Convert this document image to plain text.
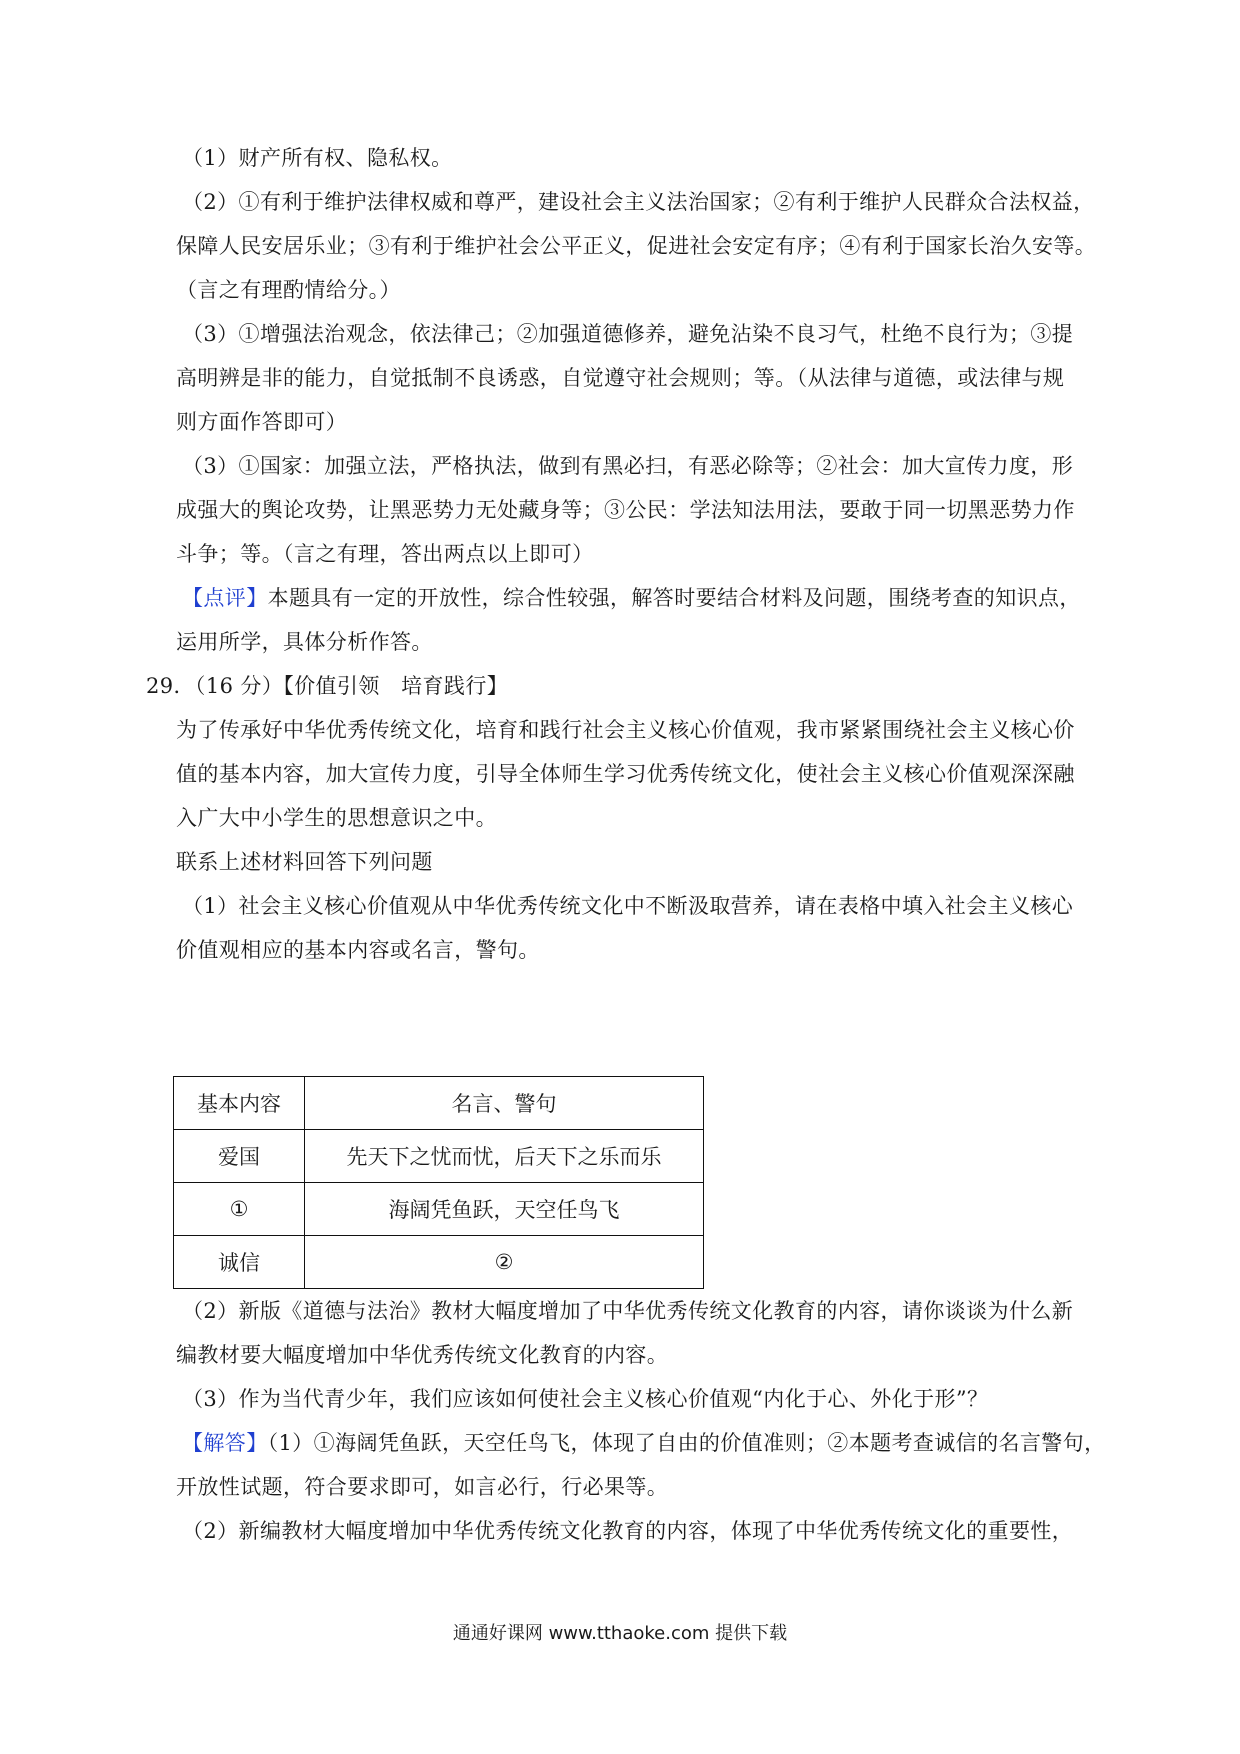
（1）财产所有权、隐私权。
（2）①有利于维护法律权威和尊严，建设社会主义法治国家；②有利于维护人民群众合法权益，
保障人民安居乐业；③有利于维护社会公平正义，促进社会安定有序；④有利于国家长治久安等。
（言之有理酌情给分。）
（3）①增强法治观念，依法律己；②加强道德修养，避免沾染不良习气，杜绝不良行为；③提
高明辨是非的能力，自觉抵制不良诱惑，自觉遵守社会规则；等。（从法律与道德，或法律与规
则方面作答即可）
（3）①国家：加强立法，严格执法，做到有黑必扫，有恶必除等；②社会：加大宣传力度，形
成强大的舆论攻势，让黑恶势力无处藏身等；③公民：学法知法用法，要敢于同一切黑恶势力作
斗争；等。（言之有理，答出两点以上即可）
【点评】本题具有一定的开放性，综合性较强，解答时要结合材料及问题，围绕考查的知识点，
运用所学，具体分析作答。
29．（16 分）【价值引领　培育践行】
为了传承好中华优秀传统文化，培育和践行社会主义核心价值观，我市紧紧围绕社会主义核心价
值的基本内容，加大宣传力度，引导全体师生学习优秀传统文化，使社会主义核心价值观深深融
入广大中小学生的思想意识之中。
联系上述材料回答下列问题
（1）社会主义核心价值观从中华优秀传统文化中不断汲取营养，请在表格中填入社会主义核心
价值观相应的基本内容或名言，警句。
基本内容	名言、警句
爱国	先天下之忧而忧，后天下之乐而乐
①	海阔凭鱼跃，天空任鸟飞
诚信	②
（2）新版《道德与法治》教材大幅度增加了中华优秀传统文化教育的内容，请你谈谈为什么新
编教材要大幅度增加中华优秀传统文化教育的内容。
（3）作为当代青少年，我们应该如何使社会主义核心价值观“内化于心、外化于形”？
【解答】（1）①海阔凭鱼跃，天空任鸟飞，体现了自由的价值准则；②本题考查诚信的名言警句，
开放性试题，符合要求即可，如言必行，行必果等。
（2）新编教材大幅度增加中华优秀传统文化教育的内容，体现了中华优秀传统文化的重要性，
通通好课网 www.tthaoke.com 提供下载
